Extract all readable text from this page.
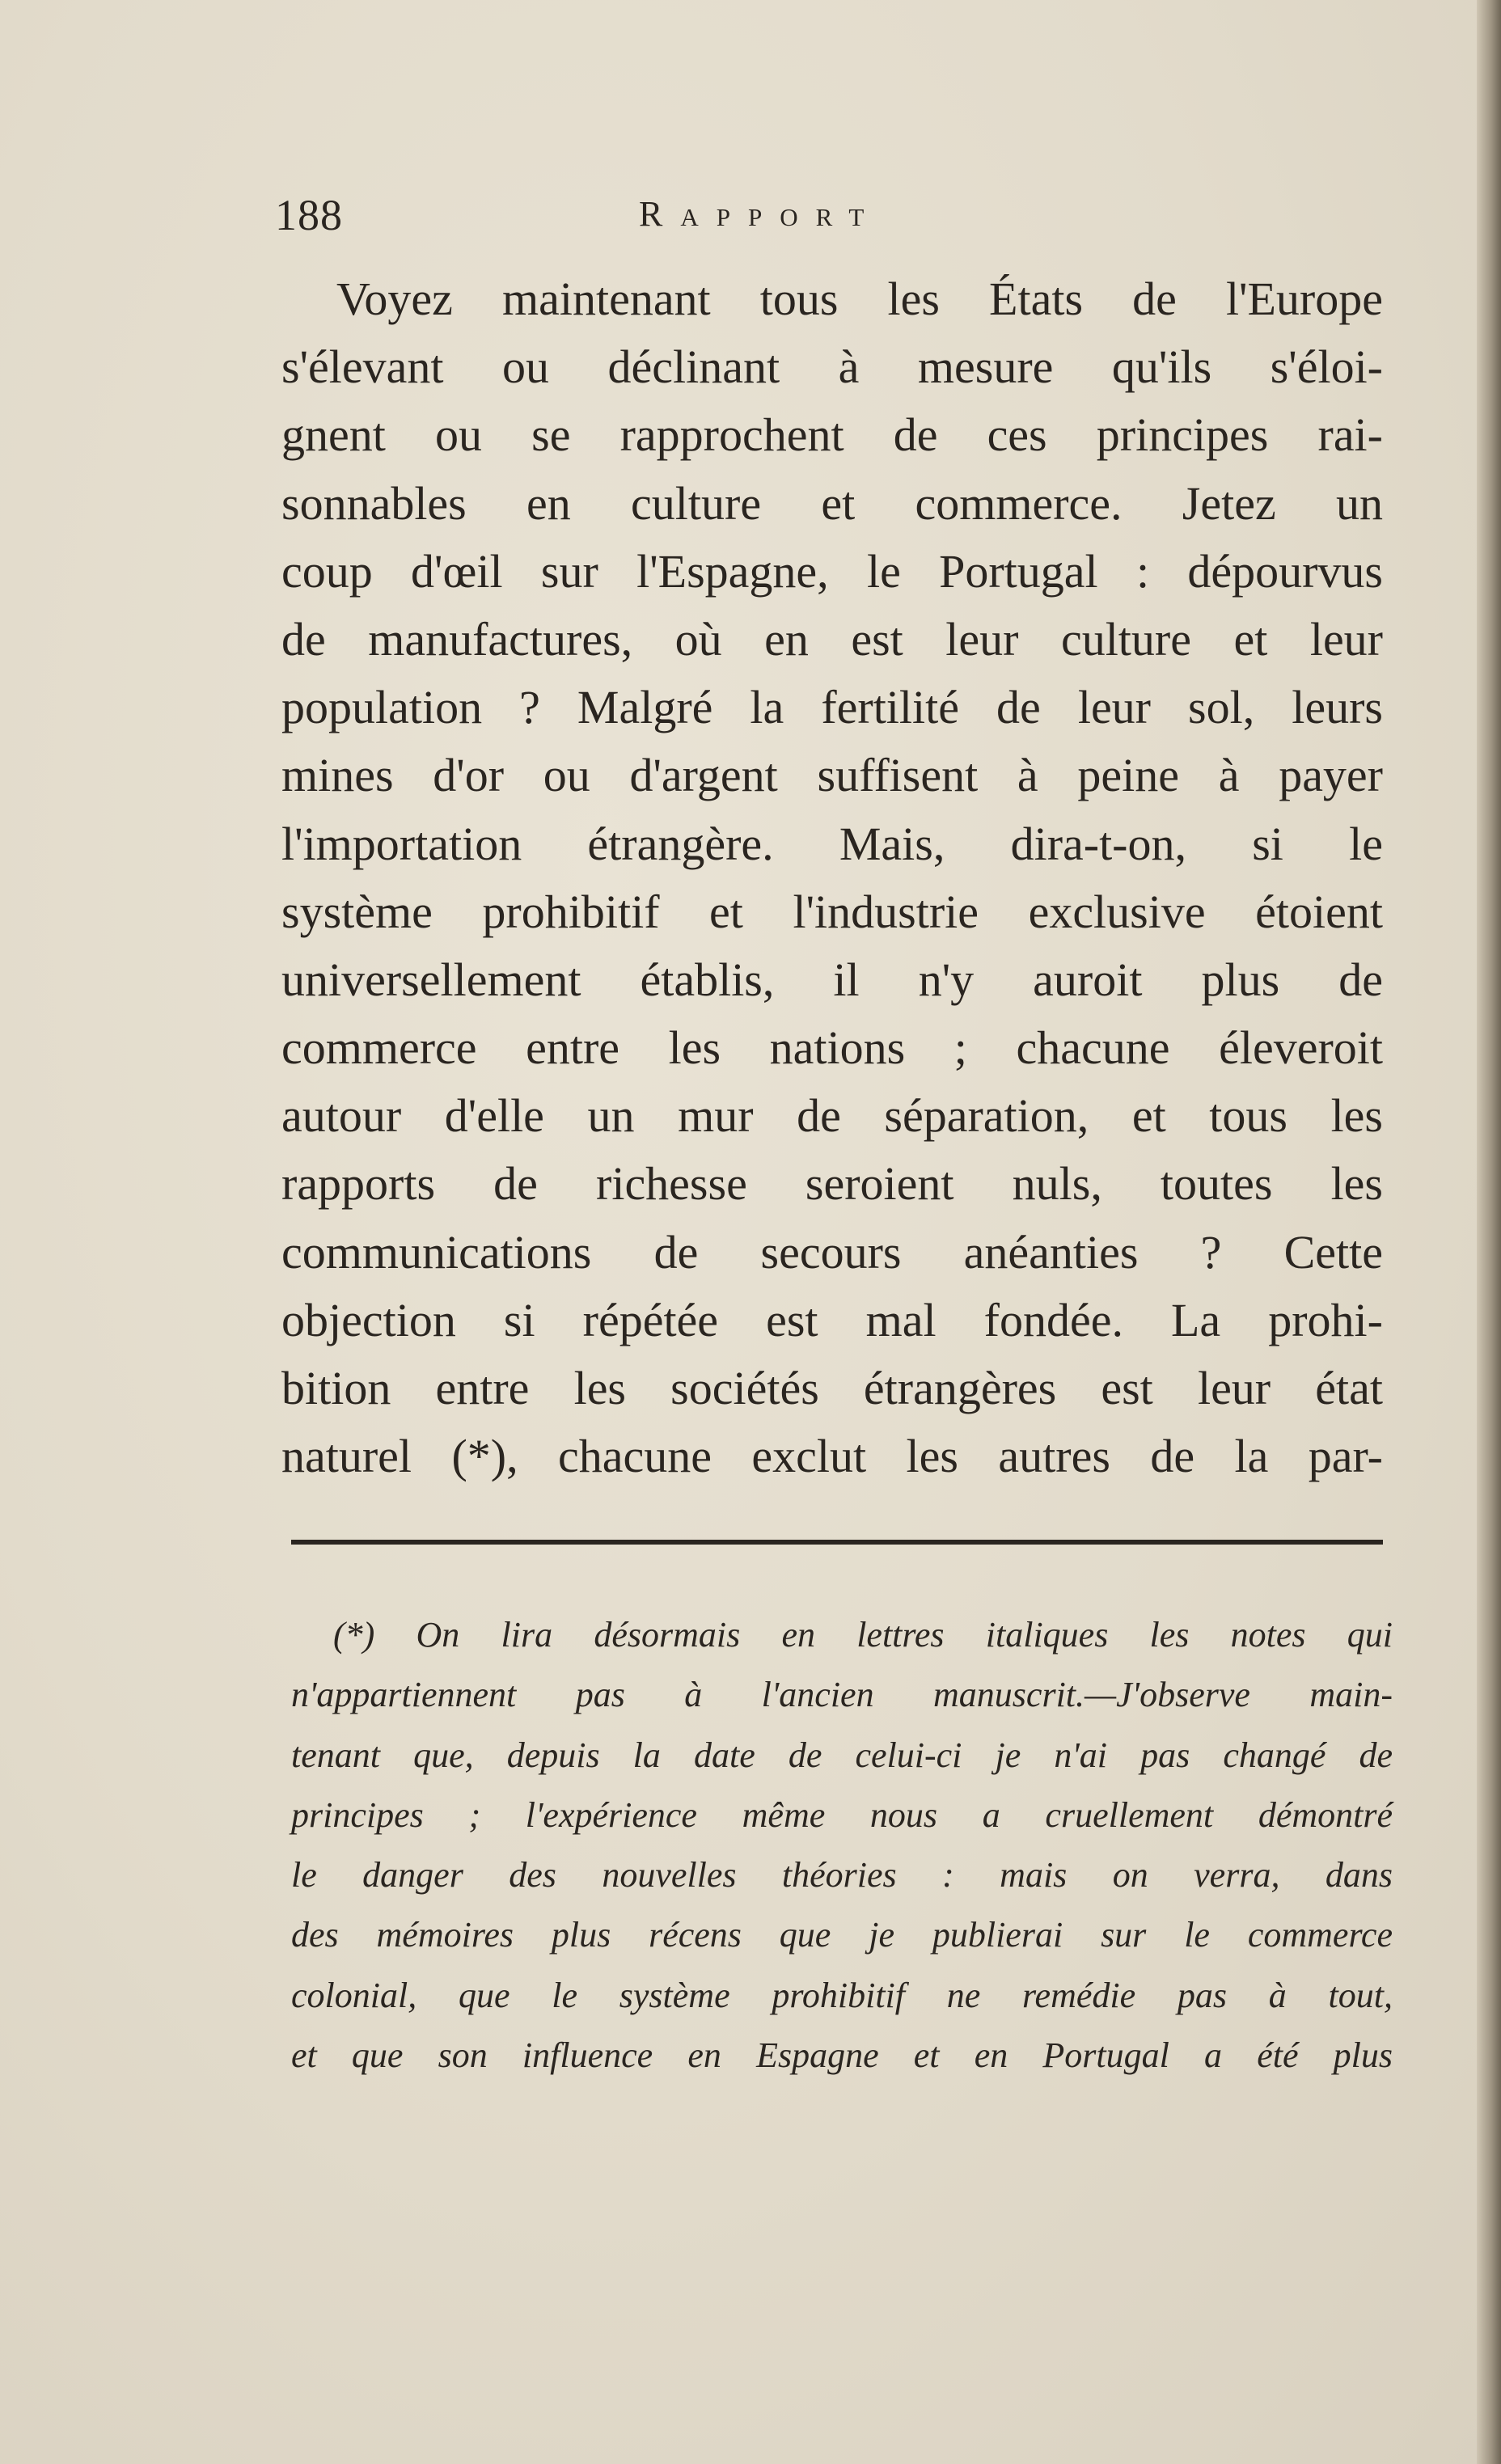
188	Rapport
Voyez maintenant tous les États de l'Europe
s'élevant ou déclinant à mesure qu'ils s'éloi-
gnent ou se rapprochent de ces principes rai-
sonnables en culture et commerce. Jetez un
coup d'œil sur l'Espagne, le Portugal : dépourvus
de manufactures, où en est leur culture et leur
population ? Malgré la fertilité de leur sol, leurs
mines d'or ou d'argent suffisent à peine à payer
l'importation étrangère. Mais, dira-t-on, si le
système prohibitif et l'industrie exclusive étoient
universellement établis, il n'y auroit plus de
commerce entre les nations ; chacune éleveroit
autour d'elle un mur de séparation, et tous les
rapports de richesse seroient nuls, toutes les
communications de secours anéanties ? Cette
objection si répétée est mal fondée. La prohi-
bition entre les sociétés étrangères est leur état
naturel (*), chacune exclut les autres de la par-
(*) On lira désormais en lettres italiques les notes qui
n'appartiennent pas à l'ancien manuscrit.—J'observe main-
tenant que, depuis la date de celui-ci je n'ai pas changé de
principes ; l'expérience même nous a cruellement démontré
le danger des nouvelles théories : mais on verra, dans
des mémoires plus récens que je publierai sur le commerce
colonial, que le système prohibitif ne remédie pas à tout,
et que son influence en Espagne et en Portugal a été plus
